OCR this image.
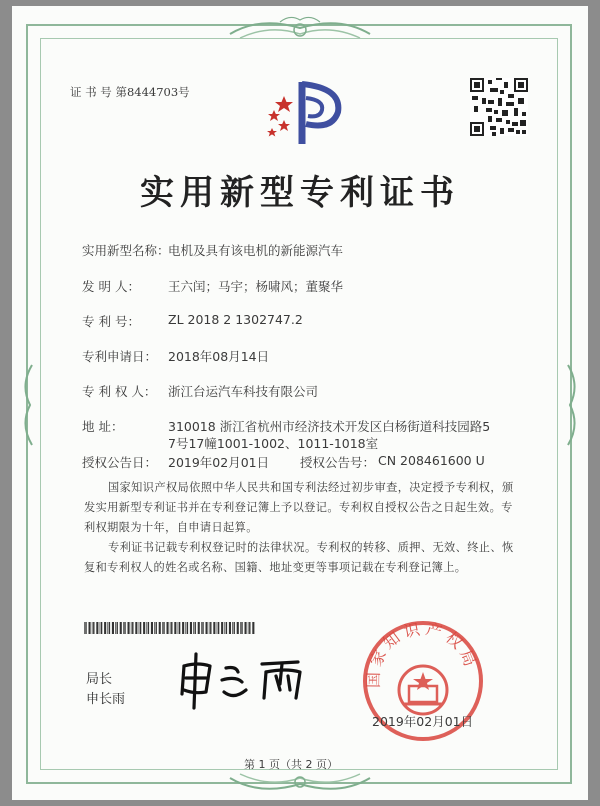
证 书 号 第8444703号
实用新型专利证书
实用新型名称：
电机及具有该电机的新能源汽车
发 明 人： 王六闰；马宇；杨啸风；董聚华
专 利 号： ZL 2018 2 1302747.2
专利申请日： 2018年08月14日
专 利 权 人： 浙江台运汽车科技有限公司
地 址：	310018 浙江省杭州市经济技术开发区白杨街道科技园路5
7号17幢1001-1002、1011-1018室
授权公告日： 2019年02月01日 授权公告号： CN 208461600 U
国家知识产权局依照中华人民共和国专利法经过初步审查，决定授予专利权，颁发实用新型专利证书并在专利登记簿上予以登记。专利权自授权公告之日起生效。专利权期限为十年，自申请日起算。
专利证书记载专利权登记时的法律状况。专利权的转移、质押、无效、终止、恢复和专利权人的姓名或名称、国籍、地址变更等事项记载在专利登记簿上。
局长
申长雨
国家知识产权局
2019年02月01日
第 1 页（共 2 页）
